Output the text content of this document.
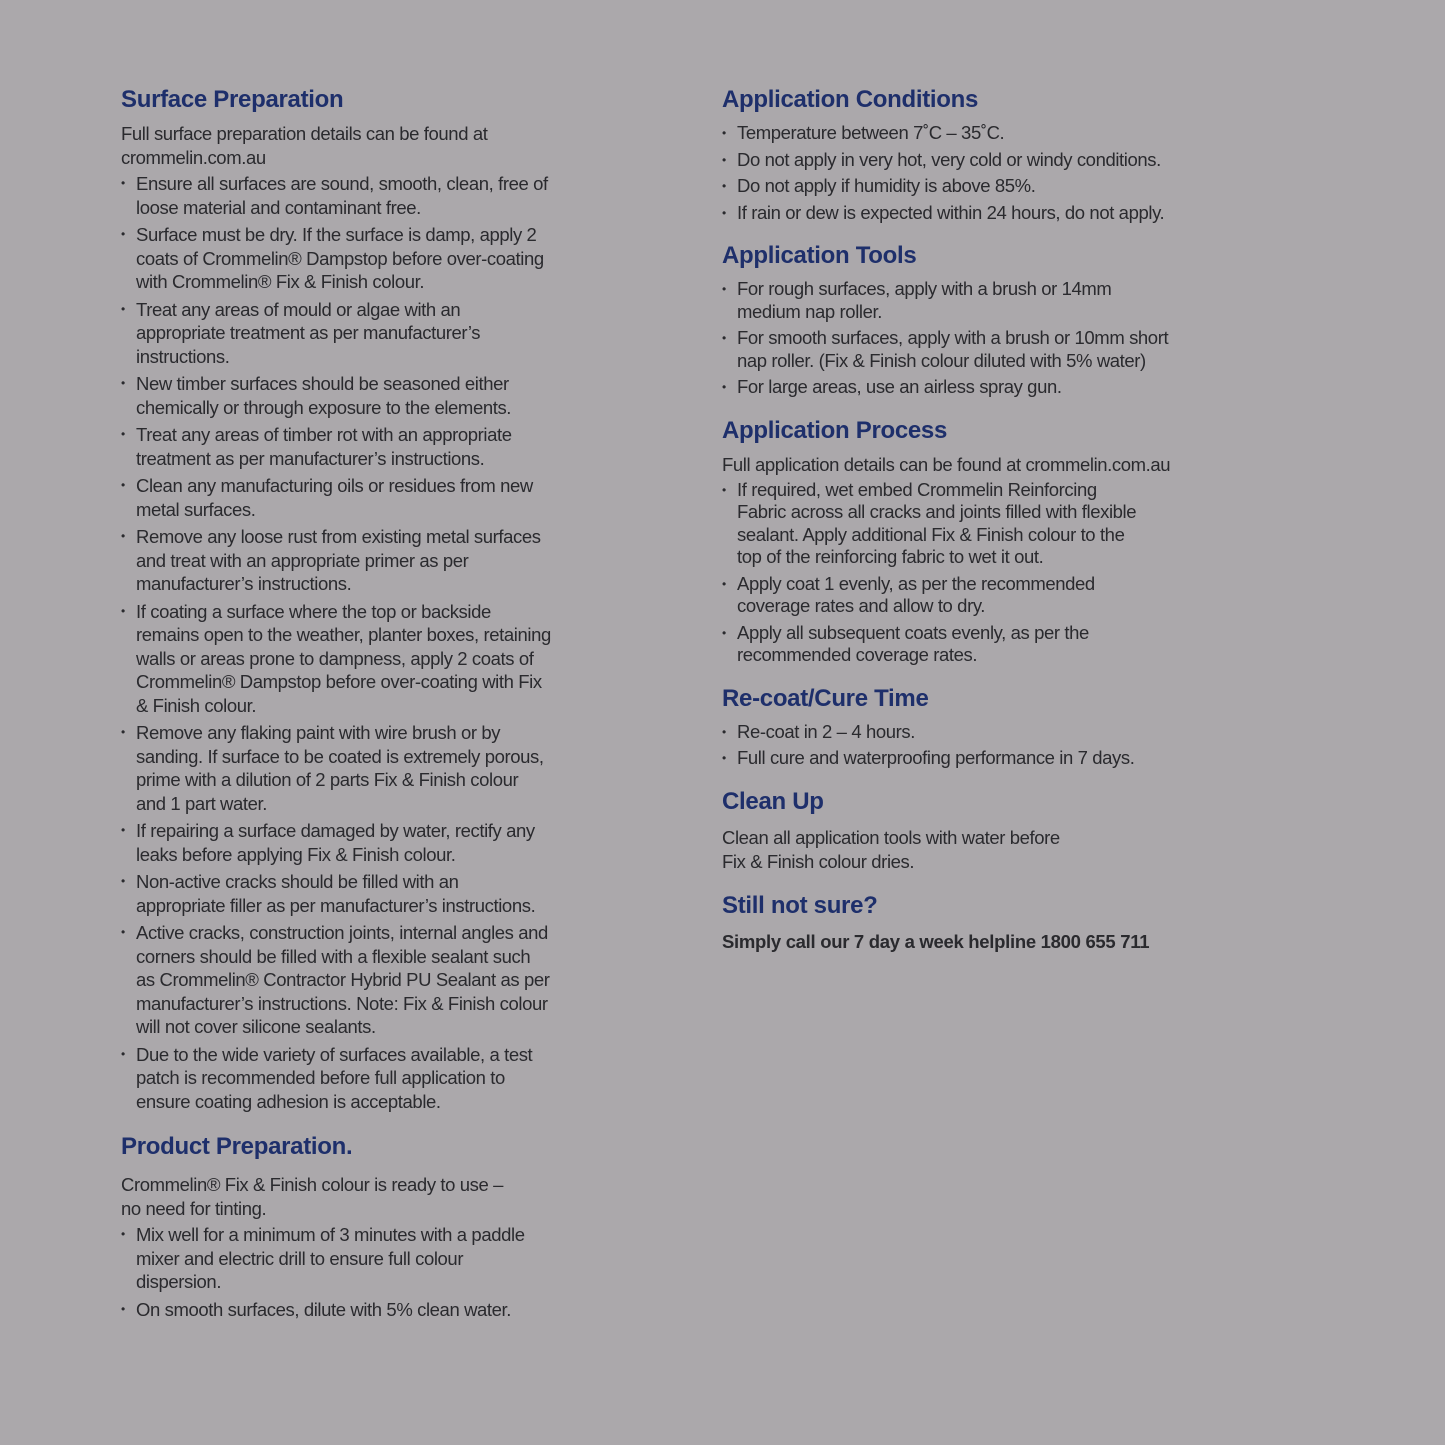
Surface Preparation

Full surface preparation details can be found at crommelin.com.au

• Ensure all surfaces are sound, smooth, clean, free of loose material and contaminant free.
• Surface must be dry. If the surface is damp, apply 2 coats of Crommelin® Dampstop before over-coating with Crommelin® Fix & Finish colour.
• Treat any areas of mould or algae with an appropriate treatment as per manufacturer’s instructions.
• New timber surfaces should be seasoned either chemically or through exposure to the elements.
• Treat any areas of timber rot with an appropriate treatment as per manufacturer’s instructions.
• Clean any manufacturing oils or residues from new metal surfaces.
• Remove any loose rust from existing metal surfaces and treat with an appropriate primer as per manufacturer’s instructions.
• If coating a surface where the top or backside remains open to the weather, planter boxes, retaining walls or areas prone to dampness, apply 2 coats of Crommelin® Dampstop before over-coating with Fix & Finish colour.
• Remove any flaking paint with wire brush or by sanding. If surface to be coated is extremely porous, prime with a dilution of 2 parts Fix & Finish colour and 1 part water.
• If repairing a surface damaged by water, rectify any leaks before applying Fix & Finish colour.
• Non-active cracks should be filled with an appropriate filler as per manufacturer’s instructions.
• Active cracks, construction joints, internal angles and corners should be filled with a flexible sealant such as Crommelin® Contractor Hybrid PU Sealant as per manufacturer’s instructions. Note: Fix & Finish colour will not cover silicone sealants.
• Due to the wide variety of surfaces available, a test patch is recommended before full application to ensure coating adhesion is acceptable.
Product Preparation.

Crommelin® Fix & Finish colour is ready to use – no need for tinting.

• Mix well for a minimum of 3 minutes with a paddle mixer and electric drill to ensure full colour dispersion.
• On smooth surfaces, dilute with 5% clean water.
Application Conditions
• Temperature between 7˚C – 35˚C.
• Do not apply in very hot, very cold or windy conditions.
• Do not apply if humidity is above 85%.
• If rain or dew is expected within 24 hours, do not apply.
Application Tools
• For rough surfaces, apply with a brush or 14mm medium nap roller.
• For smooth surfaces, apply with a brush or 10mm short nap roller. (Fix & Finish colour diluted with 5% water)
• For large areas, use an airless spray gun.
Application Process

Full application details can be found at crommelin.com.au

• If required, wet embed Crommelin Reinforcing Fabric across all cracks and joints filled with flexible sealant. Apply additional Fix & Finish colour to the top of the reinforcing fabric to wet it out.
• Apply coat 1 evenly, as per the recommended coverage rates and allow to dry.
• Apply all subsequent coats evenly, as per the recommended coverage rates.
Re-coat/Cure Time
• Re-coat in 2 – 4 hours.
• Full cure and waterproofing performance in 7 days.
Clean Up

Clean all application tools with water before Fix & Finish colour dries.

Still not sure?

Simply call our 7 day a week helpline 1800 655 711
